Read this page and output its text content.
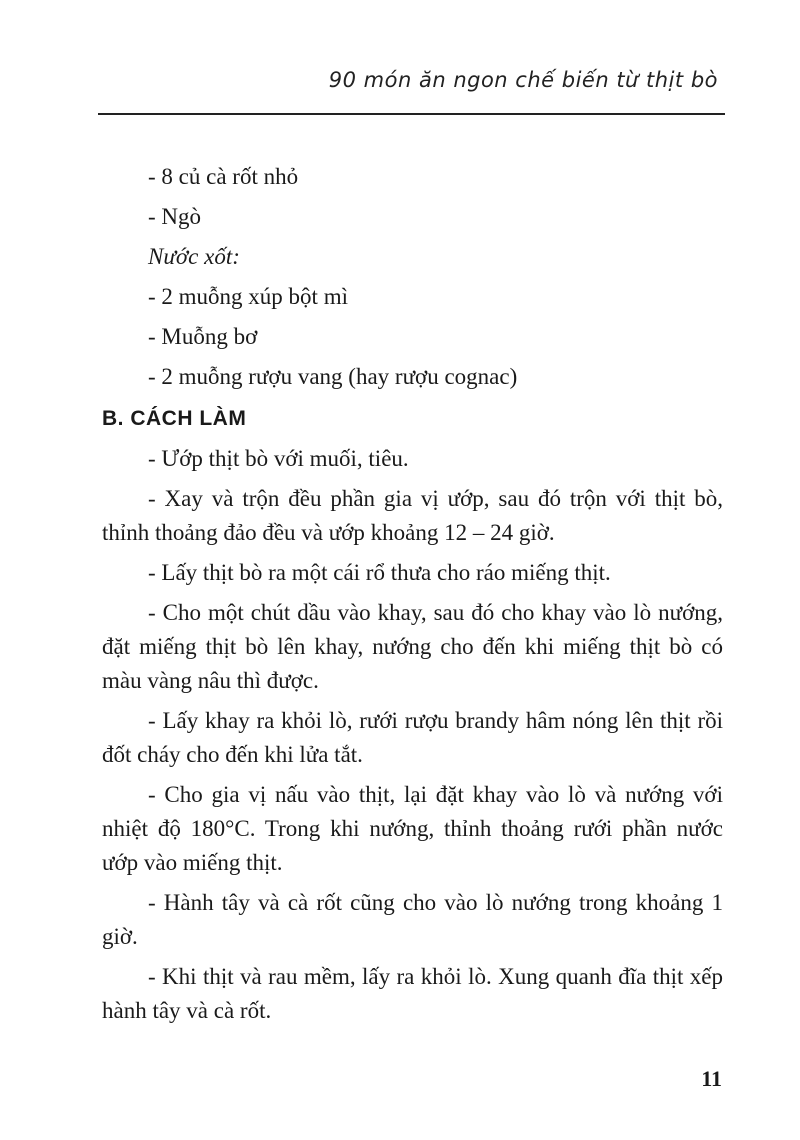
90 món ăn ngon chế biến từ thịt bò

- 8 củ cà rốt nhỏ

- Ngò

Nước xốt:

- 2 muỗng xúp bột mì

- Muỗng bơ

- 2 muỗng rượu vang (hay rượu cognac)

B. CÁCH LÀM

- Ướp thịt bò với muối, tiêu.

- Xay và trộn đều phần gia vị ướp, sau đó trộn với thịt bò, thỉnh thoảng đảo đều và ướp khoảng 12 – 24 giờ.

- Lấy thịt bò ra một cái rổ thưa cho ráo miếng thịt.

- Cho một chút dầu vào khay, sau đó cho khay vào lò nướng, đặt miếng thịt bò lên khay, nướng cho đến khi miếng thịt bò có màu vàng nâu thì được.

- Lấy khay ra khỏi lò, rưới rượu brandy hâm nóng lên thịt rồi đốt cháy cho đến khi lửa tắt.

- Cho gia vị nấu vào thịt, lại đặt khay vào lò và nướng với nhiệt độ 180°C. Trong khi nướng, thỉnh thoảng rưới phần nước ướp vào miếng thịt.

- Hành tây và cà rốt cũng cho vào lò nướng trong khoảng 1 giờ.

- Khi thịt và rau mềm, lấy ra khỏi lò. Xung quanh đĩa thịt xếp hành tây và cà rốt.

11
